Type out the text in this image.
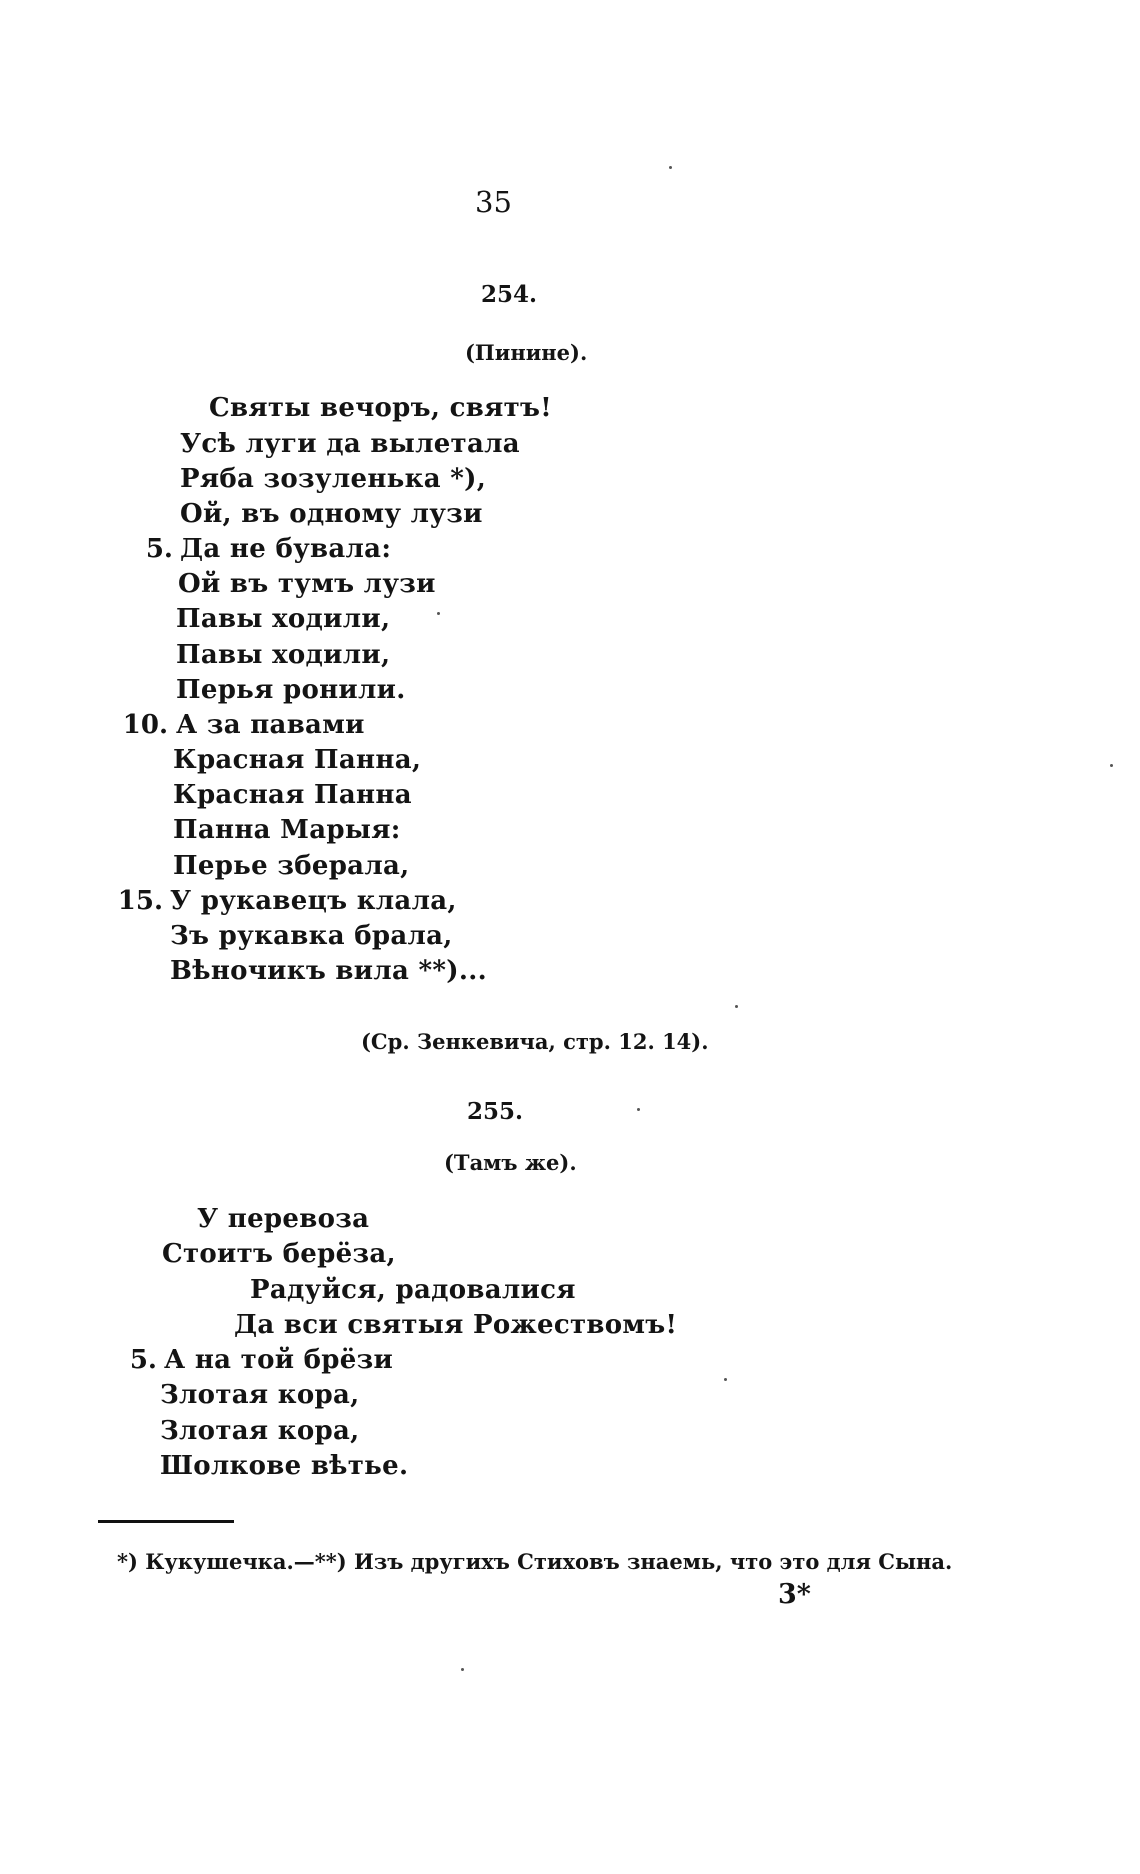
35
254.
(Пинине).
Святы вечоръ, святъ!
Усѣ луги да вылетала
Ряба зозуленька *),
Ой, въ одному лузи
5. Да не бувала:
Ой въ тумъ лузи
Павы ходили,
Павы ходили,
Перья ронили.
10. А за павами
Красная Панна,
Красная Панна
Панна Марыя:
Перье зберала,
15. У рукавецъ клала,
Зъ рукавка брала,
Вѣночикъ вила **)...
(Ср. Зенкевича, стр. 12. 14).
255.
(Тамъ же).
У перевоза
Стоитъ берёза,
Радуйся, радовалися
Да вси святыя Рожествомъ!
5. А на той брёзи
Злотая кора,
Злотая кора,
Шолкове вѣтье.
*) Кукушечка.—**) Изъ другихъ Стиховъ знаемь, что это для Сына.
3*
